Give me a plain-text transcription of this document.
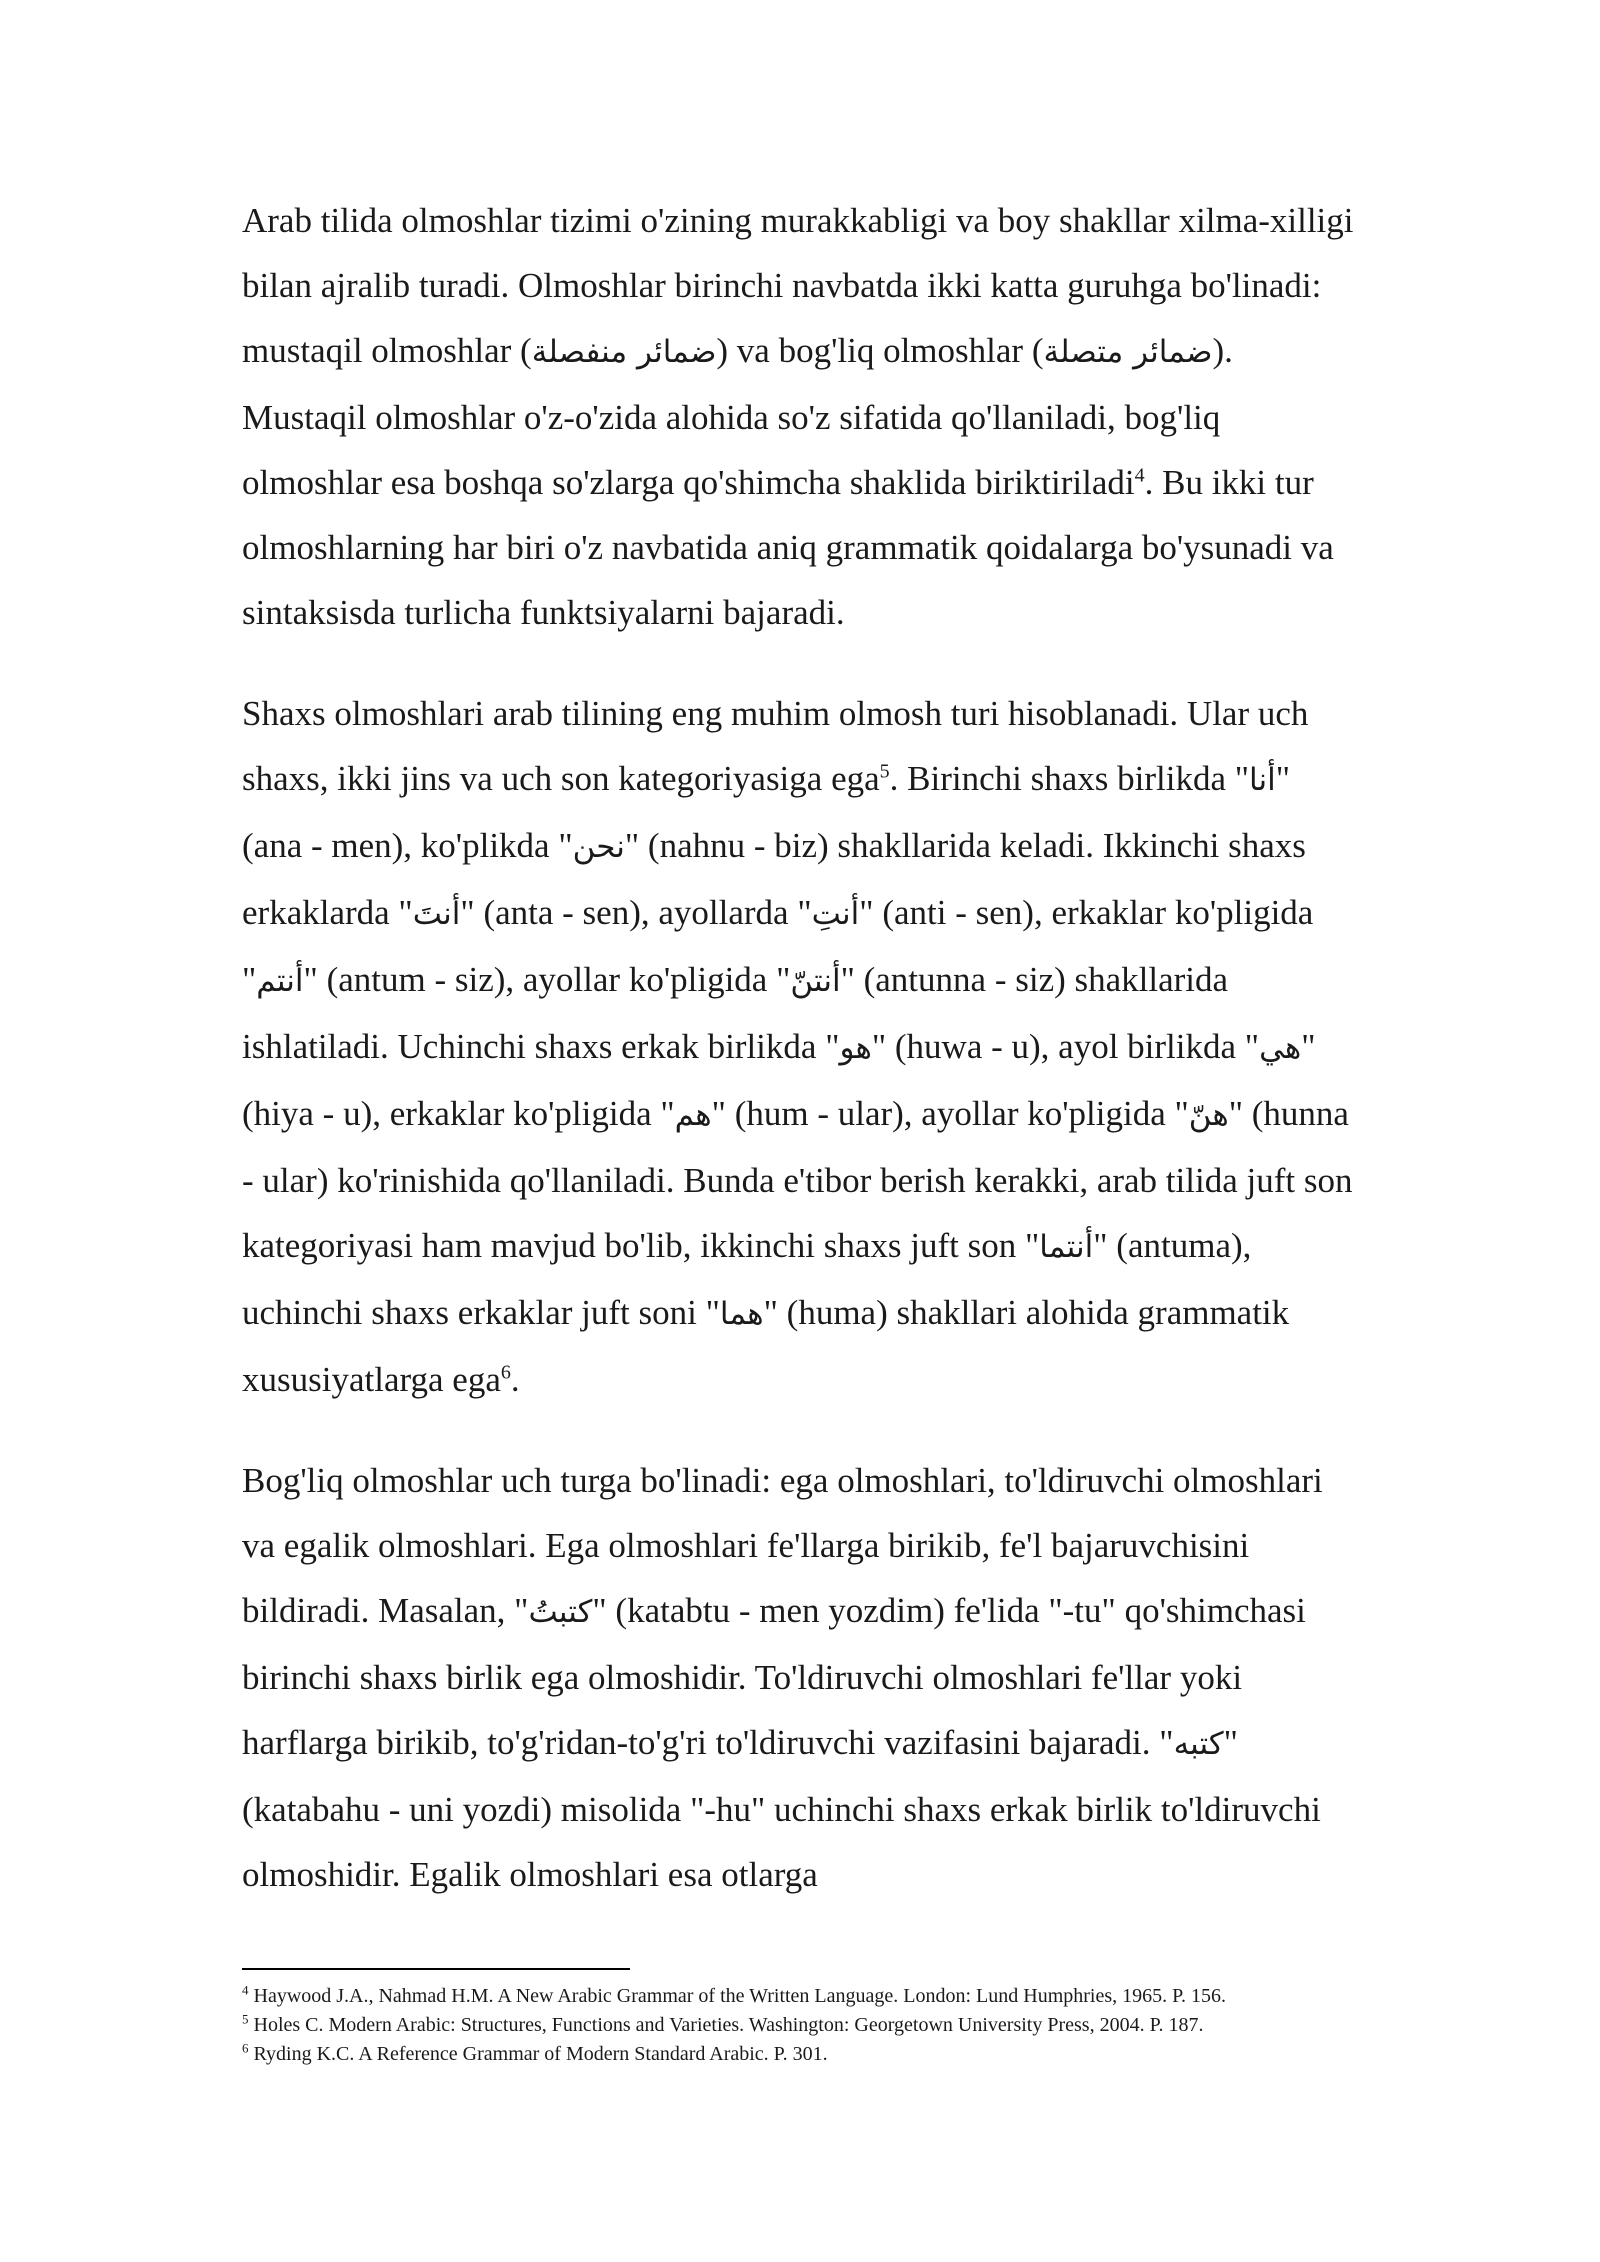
Arab tilida olmoshlar tizimi o'zining murakkabligi va boy shakllar xilma-xilligi bilan ajralib turadi. Olmoshlar birinchi navbatda ikki katta guruhga bo'linadi: mustaqil olmoshlar (ضمائر منفصلة) va bog'liq olmoshlar (ضمائر متصلة). Mustaqil olmoshlar o'z-o'zida alohida so'z sifatida qo'llaniladi, bog'liq olmoshlar esa boshqa so'zlarga qo'shimcha shaklida biriktiriladi$^4$. Bu ikki tur olmoshlarning har biri o'z navbatida aniq grammatik qoidalarga bo'ysunadi va sintaksisda turlicha funktsiyalarni bajaradi.

Shaxs olmoshlari arab tilining eng muhim olmosh turi hisoblanadi. Ular uch shaxs, ikki jins va uch son kategoriyasiga ega$^5$. Birinchi shaxs birlikda "أنا" (ana - men), ko'plikda "نحن" (nahnu - biz) shakllarida keladi. Ikkinchi shaxs erkaklarda "أنتَ" (anta - sen), ayollarda "أنتِ" (anti - sen), erkaklar ko'pligida "أنتم" (antum - siz), ayollar ko'pligida "أنتنّ" (antunna - siz) shakllarida ishlatiladi. Uchinchi shaxs erkak birlikda "هو" (huwa - u), ayol birlikda "هي" (hiya - u), erkaklar ko'pligida "هم" (hum - ular), ayollar ko'pligida "هنّ" (hunna - ular) ko'rinishida qo'llaniladi. Bunda e'tibor berish kerakki, arab tilida juft son kategoriyasi ham mavjud bo'lib, ikkinchi shaxs juft son "أنتما" (antuma), uchinchi shaxs erkaklar juft soni "هما" (huma) shakllari alohida grammatik xususiyatlarga ega$^6$.

Bog'liq olmoshlar uch turga bo'linadi: ega olmoshlari, to'ldiruvchi olmoshlari va egalik olmoshlari. Ega olmoshlari fe'llarga birikib, fe'l bajaruvchisini bildiradi. Masalan, "كتبتُ" (katabtu - men yozdim) fe'lida "-tu" qo'shimchasi birinchi shaxs birlik ega olmoshidir. To'ldiruvchi olmoshlari fe'llar yoki harflarga birikib, to'g'ridan-to'g'ri to'ldiruvchi vazifasini bajaradi. "كتبه" (katabahu - uni yozdi) misolida "-hu" uchinchi shaxs erkak birlik to'ldiruvchi olmoshidir. Egalik olmoshlari esa otlarga

$^4$ Haywood J.A., Nahmad H.M. A New Arabic Grammar of the Written Language. London: Lund Humphries, 1965. P. 156.
$^5$ Holes C. Modern Arabic: Structures, Functions and Varieties. Washington: Georgetown University Press, 2004. P. 187.
$^6$ Ryding K.C. A Reference Grammar of Modern Standard Arabic. P. 301.
